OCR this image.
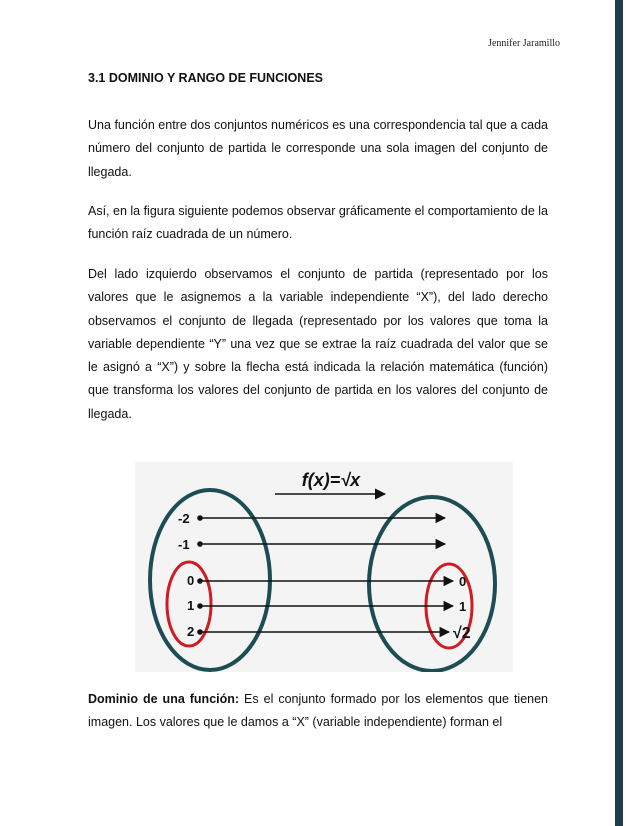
Jennifer Jaramillo
3.1 DOMINIO Y RANGO DE FUNCIONES

Una función entre dos conjuntos numéricos es una correspondencia tal que a cada número del conjunto de partida le corresponde una sola imagen del conjunto de llegada.

Así, en la figura siguiente podemos observar gráficamente el comportamiento de la función raíz cuadrada de un número.

Del lado izquierdo observamos el conjunto de partida (representado por los valores que le asignemos a la variable independiente “X”), del lado derecho observamos el conjunto de llegada (representado por los valores que toma la variable dependiente “Y” una vez que se extrae la raíz cuadrada del valor que se le asignó a “X”) y sobre la flecha está indicada la relación matemática (función) que transforma los valores del conjunto de partida en los valores del conjunto de llegada.

f(x)=√x
-2
-1
0
1
2
0
1
√2

Dominio de una función: Es el conjunto formado por los elementos que tienen imagen. Los valores que le damos a “X” (variable independiente) forman el
